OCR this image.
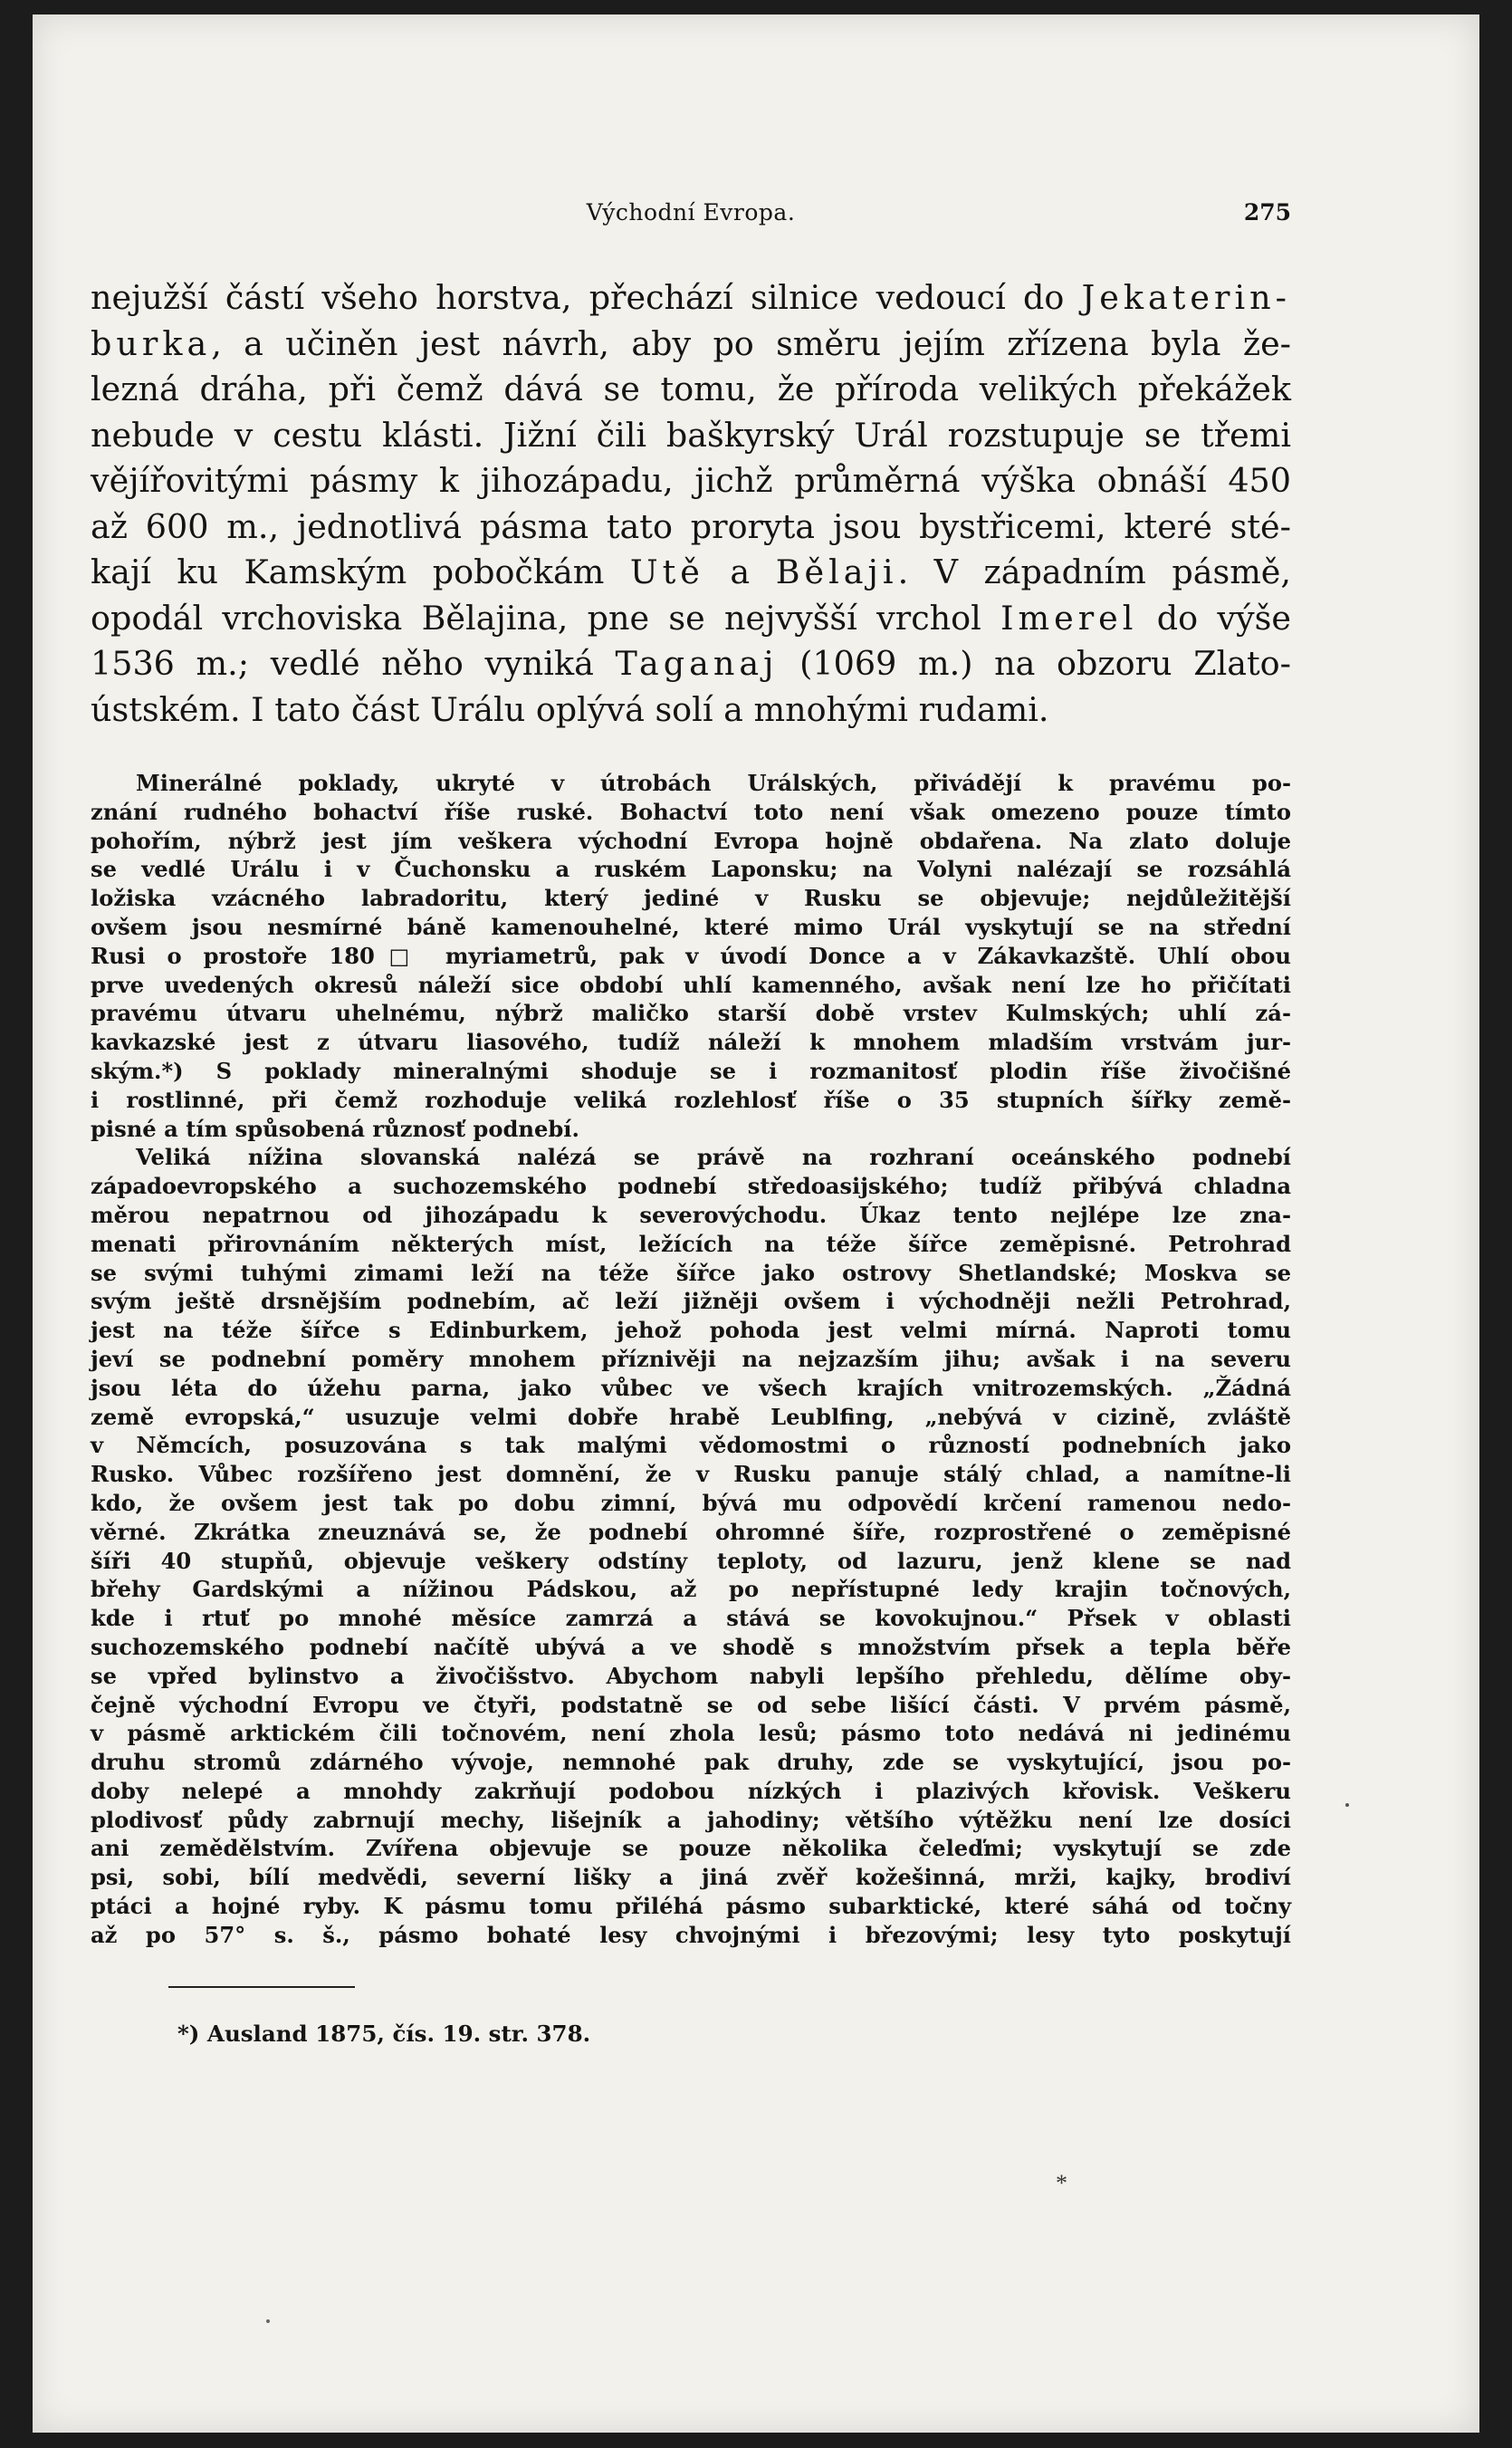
Východní Evropa.	275
nejužší částí všeho horstva, přechází silnice vedoucí do Jekaterin-
burka, a učiněn jest návrh, aby po směru jejím zřízena byla že-
lezná dráha, při čemž dává se tomu, že příroda velikých překážek
nebude v cestu klásti. Jižní čili baškyrský Urál rozstupuje se třemi
vějířovitými pásmy k jihozápadu, jichž průměrná výška obnáší 450
až 600 m., jednotlivá pásma tato proryta jsou bystřicemi, které sté-
kají ku Kamským pobočkám Utě a Bělaji. V západním pásmě,
opodál vrchoviska Bělajina, pne se nejvyšší vrchol Imerel do výše
1536 m.; vedlé něho vyniká Taganaj (1069 m.) na obzoru Zlato-
ústském. I tato část Urálu oplývá solí a mnohými rudami.
Minerálné poklady, ukryté v útrobách Urálských, přivádějí k pravému po-
znání rudného bohactví říše ruské. Bohactví toto není však omezeno pouze tímto
pohořím, nýbrž jest jím veškera východní Evropa hojně obdařena. Na zlato doluje
se vedlé Urálu i v Čuchonsku a ruském Laponsku; na Volyni nalézají se rozsáhlá
ložiska vzácného labradoritu, který jediné v Rusku se objevuje; nejdůležitější
ovšem jsou nesmírné báně kamenouhelné, které mimo Urál vyskytují se na střední
Rusi o prostoře 180□ myriametrů, pak v úvodí Donce a v Zákavkazště. Uhlí obou
prve uvedených okresů náleží sice období uhlí kamenného, avšak není lze ho přičítati
pravému útvaru uhelnému, nýbrž maličko starší době vrstev Kulmských; uhlí zá-
kavkazské jest z útvaru liasového, tudíž náleží k mnohem mladším vrstvám jur-
ským.*) S poklady mineralnými shoduje se i rozmanitosť plodin říše živočišné
i rostlinné, při čemž rozhoduje veliká rozlehlosť říše o 35 stupních šířky země-
pisné a tím spůsobená různosť podnebí.
Veliká nížina slovanská nalézá se právě na rozhraní oceánského podnebí
západoevropského a suchozemského podnebí středoasijského; tudíž přibývá chladna
měrou nepatrnou od jihozápadu k severovýchodu. Úkaz tento nejlépe lze zna-
menati přirovnáním některých míst, ležících na téže šířce zeměpisné. Petrohrad
se svými tuhými zimami leží na téže šířce jako ostrovy Shetlandské; Moskva se
svým ještě drsnějším podnebím, ač leží jižněji ovšem i východněji nežli Petrohrad,
jest na téže šířce s Edinburkem, jehož pohoda jest velmi mírná. Naproti tomu
jeví se podnební poměry mnohem příznivěji na nejzazším jihu; avšak i na severu
jsou léta do úžehu parna, jako vůbec ve všech krajích vnitrozemských. „Žádná
země evropská,“ usuzuje velmi dobře hrabě Leublfing, „nebývá v cizině, zvláště
v Němcích, posuzována s tak malými vědomostmi o růzností podnebních jako
Rusko. Vůbec rozšířeno jest domnění, že v Rusku panuje stálý chlad, a namítne-li
kdo, že ovšem jest tak po dobu zimní, bývá mu odpovědí krčení ramenou nedo-
věrné. Zkrátka zneuznává se, že podnebí ohromné šíře, rozprostřené o zeměpisné
šíři 40 stupňů, objevuje veškery odstíny teploty, od lazuru, jenž klene se nad
břehy Gardskými a nížinou Pádskou, až po nepřístupné ledy krajin točnových,
kde i rtuť po mnohé měsíce zamrzá a stává se kovokujnou.“ Přsek v oblasti
suchozemského podnebí načítě ubývá a ve shodě s množstvím přsek a tepla běře
se vpřed bylinstvo a živočišstvo. Abychom nabyli lepšího přehledu, dělíme oby-
čejně východní Evropu ve čtyři, podstatně se od sebe lišící části. V prvém pásmě,
v pásmě arktickém čili točnovém, není zhola lesů; pásmo toto nedává ni jedinému
druhu stromů zdárného vývoje, nemnohé pak druhy, zde se vyskytující, jsou po-
doby nelepé a mnohdy zakrňují podobou nízkých i plazivých křovisk. Veškeru
plodivosť půdy zabrnují mechy, lišejník a jahodiny; většího výtěžku není lze dosíci
ani zemědělstvím. Zvířena objevuje se pouze několika čeleďmi; vyskytují se zde
psi, sobi, bílí medvědi, severní lišky a jiná zvěř kožešinná, mrži, kajky, brodiví
ptáci a hojné ryby. K pásmu tomu přiléhá pásmo subarktické, které sáhá od točny
až po 57° s. š., pásmo bohaté lesy chvojnými i březovými; lesy tyto poskytují
*) Ausland 1875, čís. 19. str. 378.
*
